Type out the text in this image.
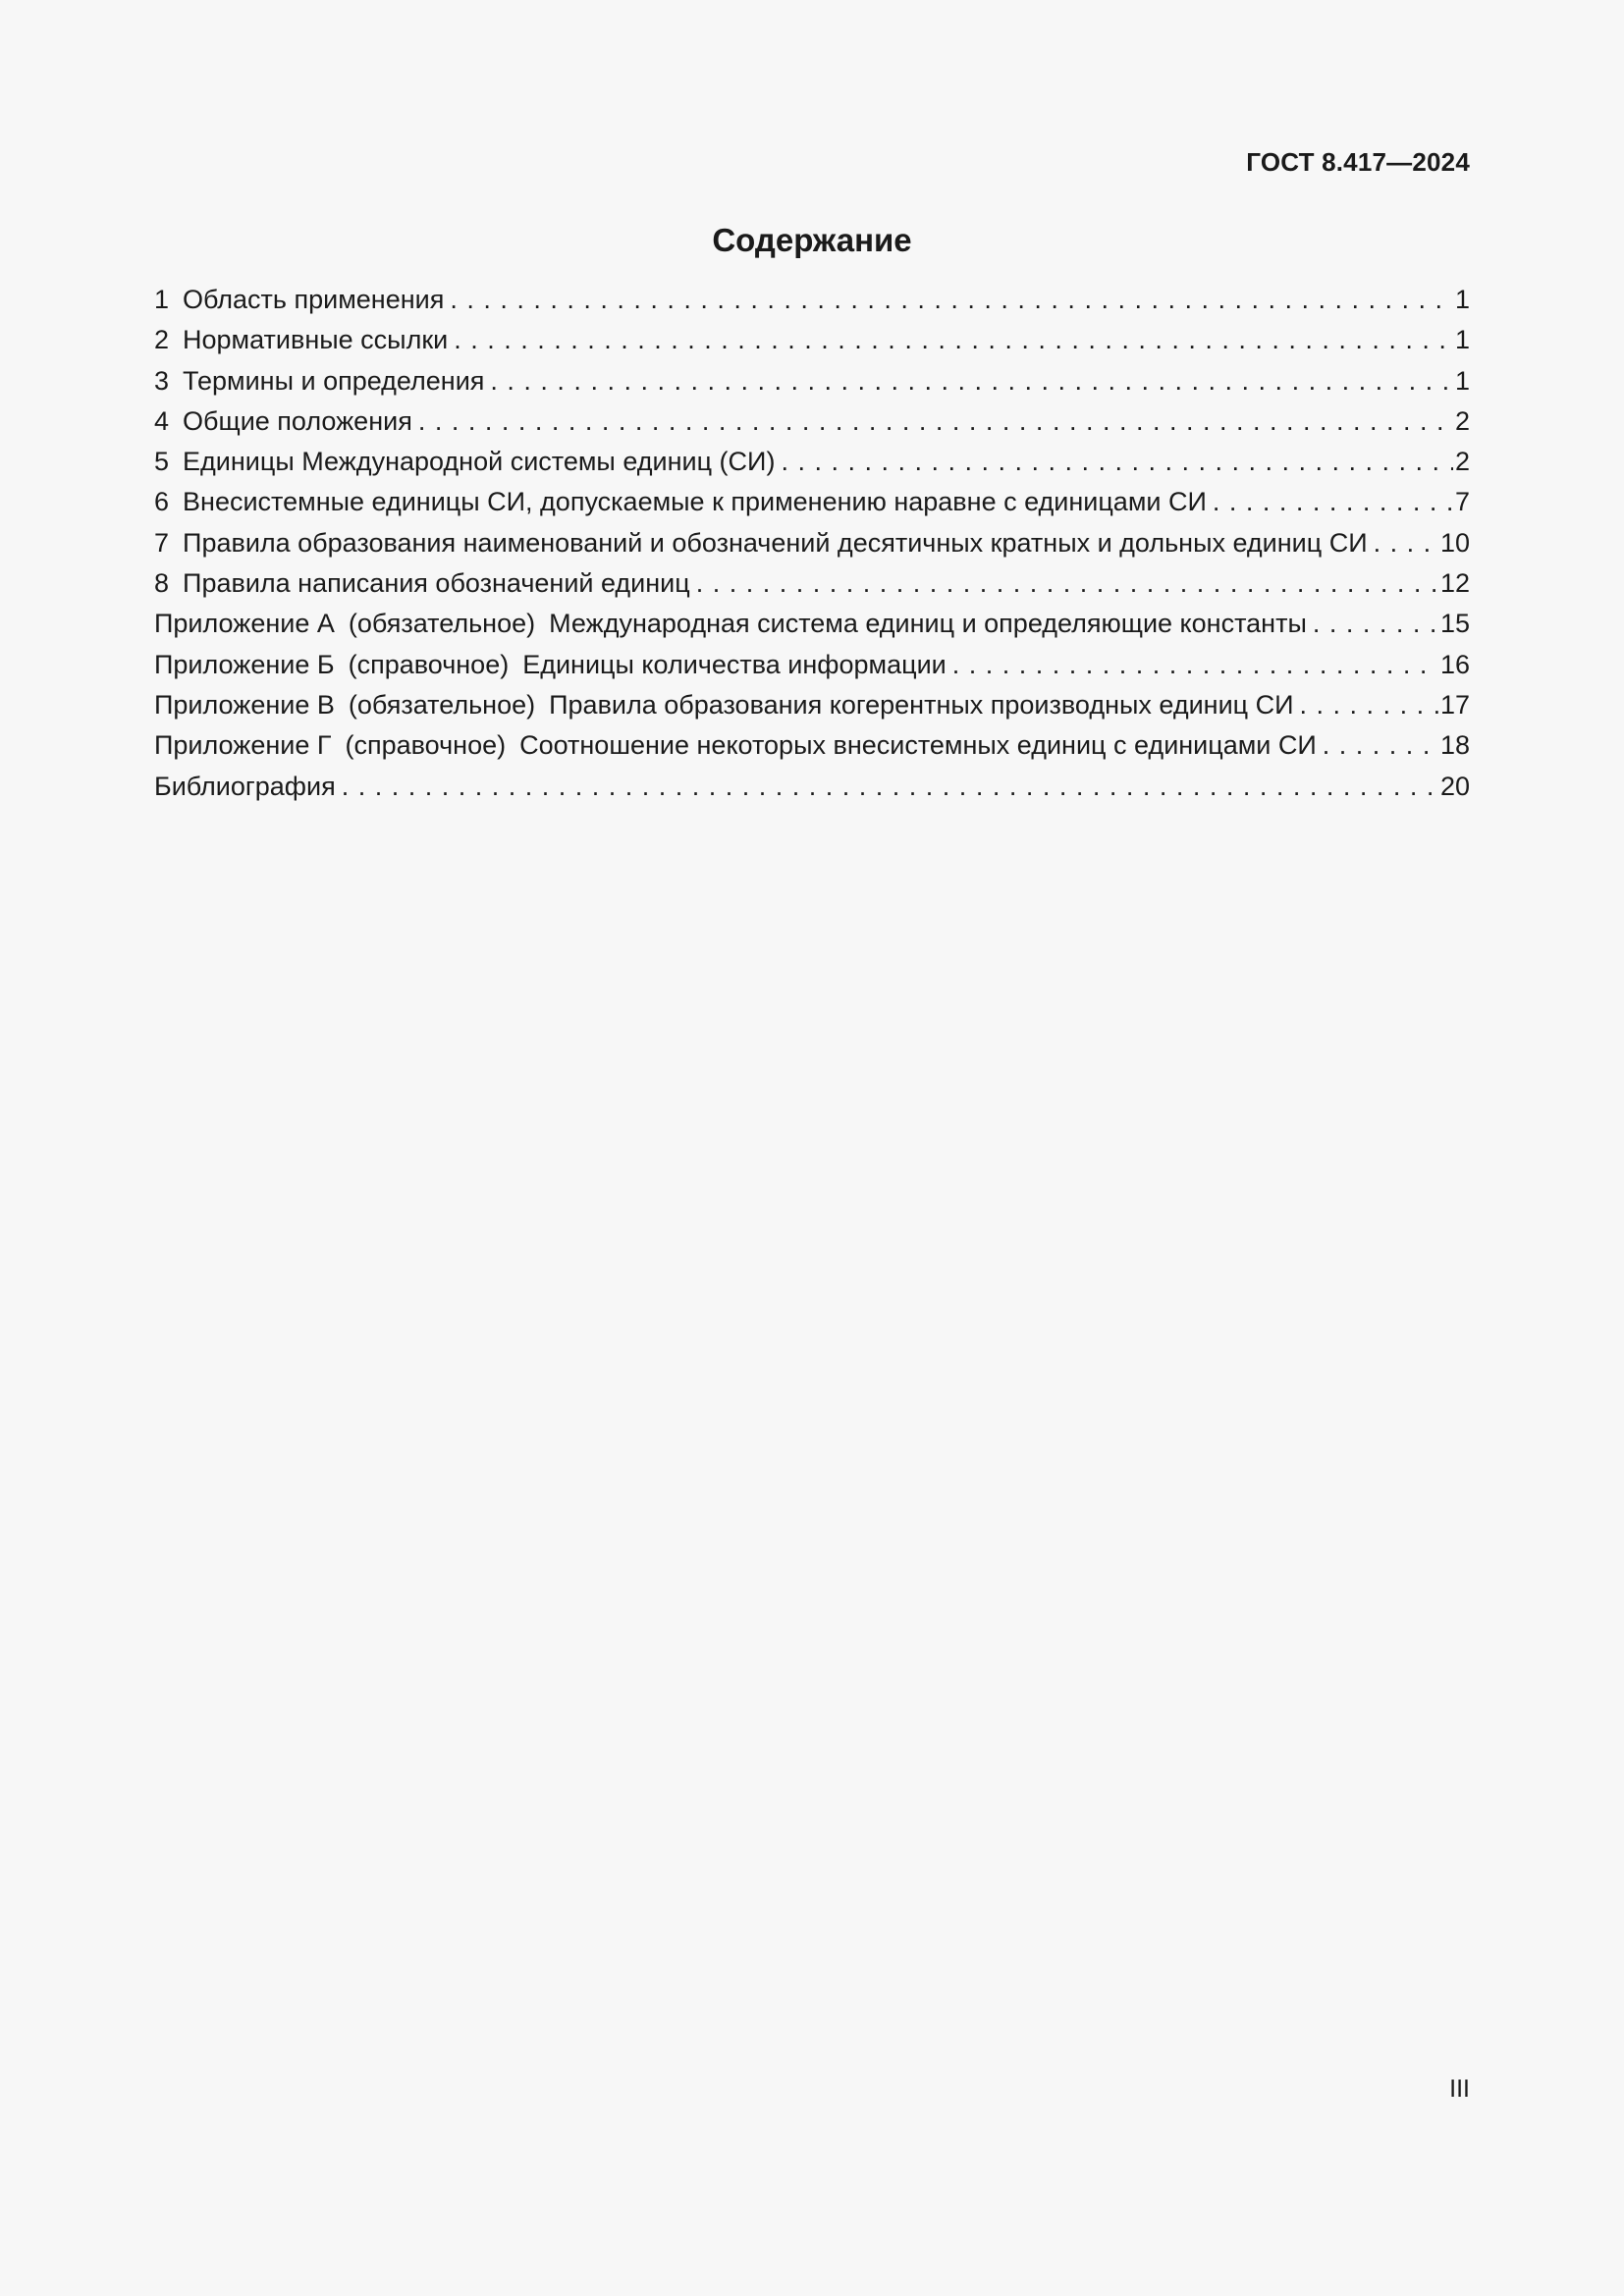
ГОСТ 8.417—2024
Содержание
1 Область применения . . .	1
2 Нормативные ссылки . . .	1
3 Термины и определения . . .	1
4 Общие положения . . .	2
5 Единицы Международной системы единиц (СИ) . . .	2
6 Внесистемные единицы СИ, допускаемые к применению наравне с единицами СИ . . .	7
7 Правила образования наименований и обозначений десятичных кратных и дольных единиц СИ . . .	10
8 Правила написания обозначений единиц . . .	12
Приложение А (обязательное) Международная система единиц и определяющие константы . . .	15
Приложение Б (справочное) Единицы количества информации . . .	16
Приложение В (обязательное) Правила образования когерентных производных единиц СИ . . .	17
Приложение Г (справочное) Соотношение некоторых внесистемных единиц с единицами СИ . . .	18
Библиография . . .	20
III
